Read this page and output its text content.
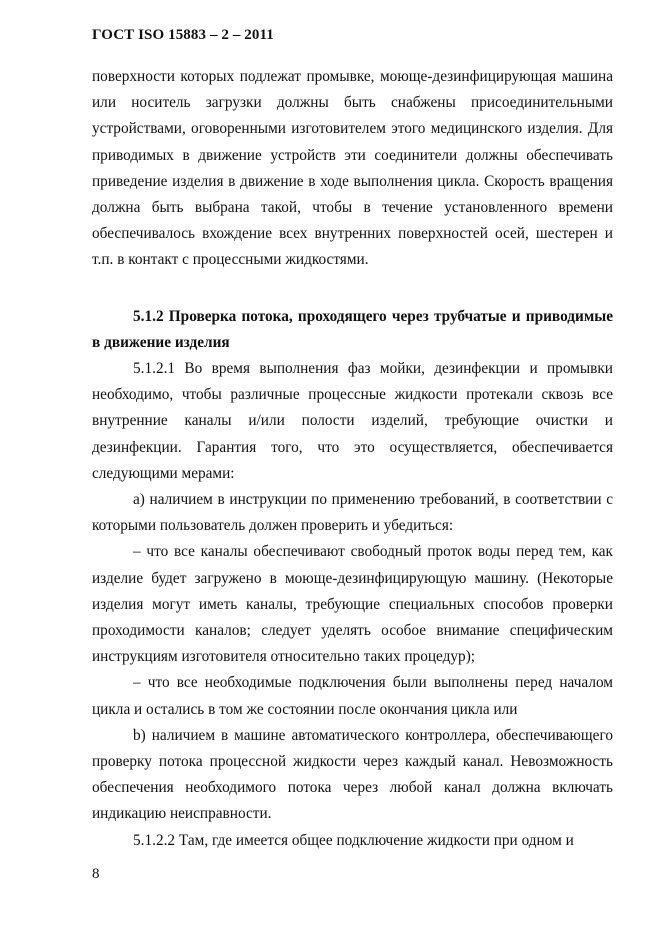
ГОСТ ISO 15883 – 2 – 2011

поверхности которых подлежат промывке, моюще-дезинфицирующая машина или носитель загрузки должны быть снабжены присоединительными устройствами, оговоренными изготовителем этого медицинского изделия. Для приводимых в движение устройств эти соединители должны обеспечивать приведение изделия в движение в ходе выполнения цикла. Скорость вращения должна быть выбрана такой, чтобы в течение установленного времени обеспечивалось вхождение всех внутренних поверхностей осей, шестерен и т.п. в контакт с процессными жидкостями.

5.1.2 Проверка потока, проходящего через трубчатые и приводимые в движение изделия

5.1.2.1 Во время выполнения фаз мойки, дезинфекции и промывки необходимо, чтобы различные процессные жидкости протекали сквозь все внутренние каналы и/или полости изделий, требующие очистки и дезинфекции. Гарантия того, что это осуществляется, обеспечивается следующими мерами:

a) наличием в инструкции по применению требований, в соответствии с которыми пользователь должен проверить и убедиться:

– что все каналы обеспечивают свободный проток воды перед тем, как изделие будет загружено в моюще-дезинфицирующую машину. (Некоторые изделия могут иметь каналы, требующие специальных способов проверки проходимости каналов; следует уделять особое внимание специфическим инструкциям изготовителя относительно таких процедур);

– что все необходимые подключения были выполнены перед началом цикла и остались в том же состоянии после окончания цикла или

b) наличием в машине автоматического контроллера, обеспечивающего проверку потока процессной жидкости через каждый канал. Невозможность обеспечения необходимого потока через любой канал должна включать индикацию неисправности.

5.1.2.2 Там, где имеется общее подключение жидкости при одном и

8
